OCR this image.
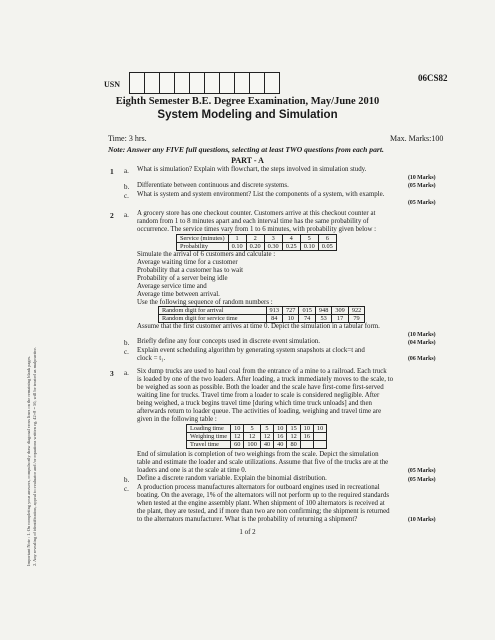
Important Note : 1. On completing your answers, compulsorily draw diagonal cross lines on the remaining blank pages. 2. Any revealing of identification, appeal to evaluator and /or equations written eg, 42+8 = 50, will be treated as malpractice.
USN
06CS82
Eighth Semester B.E. Degree Examination, May/June 2010
System Modeling and Simulation
Time: 3 hrs.	Max. Marks:100
Note: Answer any FIVE full questions, selecting at least TWO questions from each part.
PART - A
1 a. What is simulation? Explain with flowchart, the steps involved in simulation study.
(10 Marks)
b. Differentiate between continuous and discrete systems.	(05 Marks)
c. What is system and system environment? List the components of a system, with example.
(05 Marks)
2 a. A grocery store has one checkout counter. Customers arrive at this checkout counter at
random from 1 to 8 minutes apart and each interval time has the same probability of
occurrence. The service times vary from 1 to 6 minutes, with probability given below :
Service (minutes)	1	2	3	4	5	6
Probability	0.10	0.20	0.30	0.25	0.10	0.05
Simulate the arrival of 6 customers and calculate :
Average waiting time for a customer
Probability that a customer has to wait
Probability of a server being idle
Average service time and
Average time between arrival.
Use the following sequence of random numbers :
Random digit for arrival	913	727	015	948	309	922
Random digit for service time	84	10	74	53	17	79
Assume that the first customer arrives at time 0. Depict the simulation in a tabular form.
(10 Marks)
b. Briefly define any four concepts used in discrete event simulation.	(04 Marks)
c. Explain event scheduling algorithm by generating system snapshots at clock=t and
clock = t₁.	(06 Marks)
3 a. Six dump trucks are used to haul coal from the entrance of a mine to a railroad. Each truck
is loaded by one of the two loaders. After loading, a truck immediately moves to the scale, to
be weighed as soon as possible. Both the loader and the scale have first-come first-served
waiting line for trucks. Travel time from a loader to scale is considered negligible. After
being weighed, a truck begins travel time [during which time truck unloads] and then
afterwards return to loader queue. The activities of loading, weighing and travel time are
given in the following table :
Loading time	10	5	5	10	15	10	10
Weighing time	12	12	12	16	12	16	
Travel time	60	100	40	40	80		
End of simulation is completion of two weighings from the scale. Depict the simulation
table and estimate the loader and scale utilizations. Assume that five of the trucks are at the
loaders and one is at the scale at time 0.	(05 Marks)
b. Define a discrete random variable. Explain the binomial distribution.	(05 Marks)
c. A production process manufactures alternators for outboard engines used in recreational
boating. On the average, 1% of the alternators will not perform up to the required standards
when tested at the engine assembly plant. When shipment of 100 alternators is received at
the plant, they are tested, and if more than two are non confirming; the shipment is returned
to the alternators manufacturer. What is the probability of returning a shipment?	(10 Marks)
1 of 2
